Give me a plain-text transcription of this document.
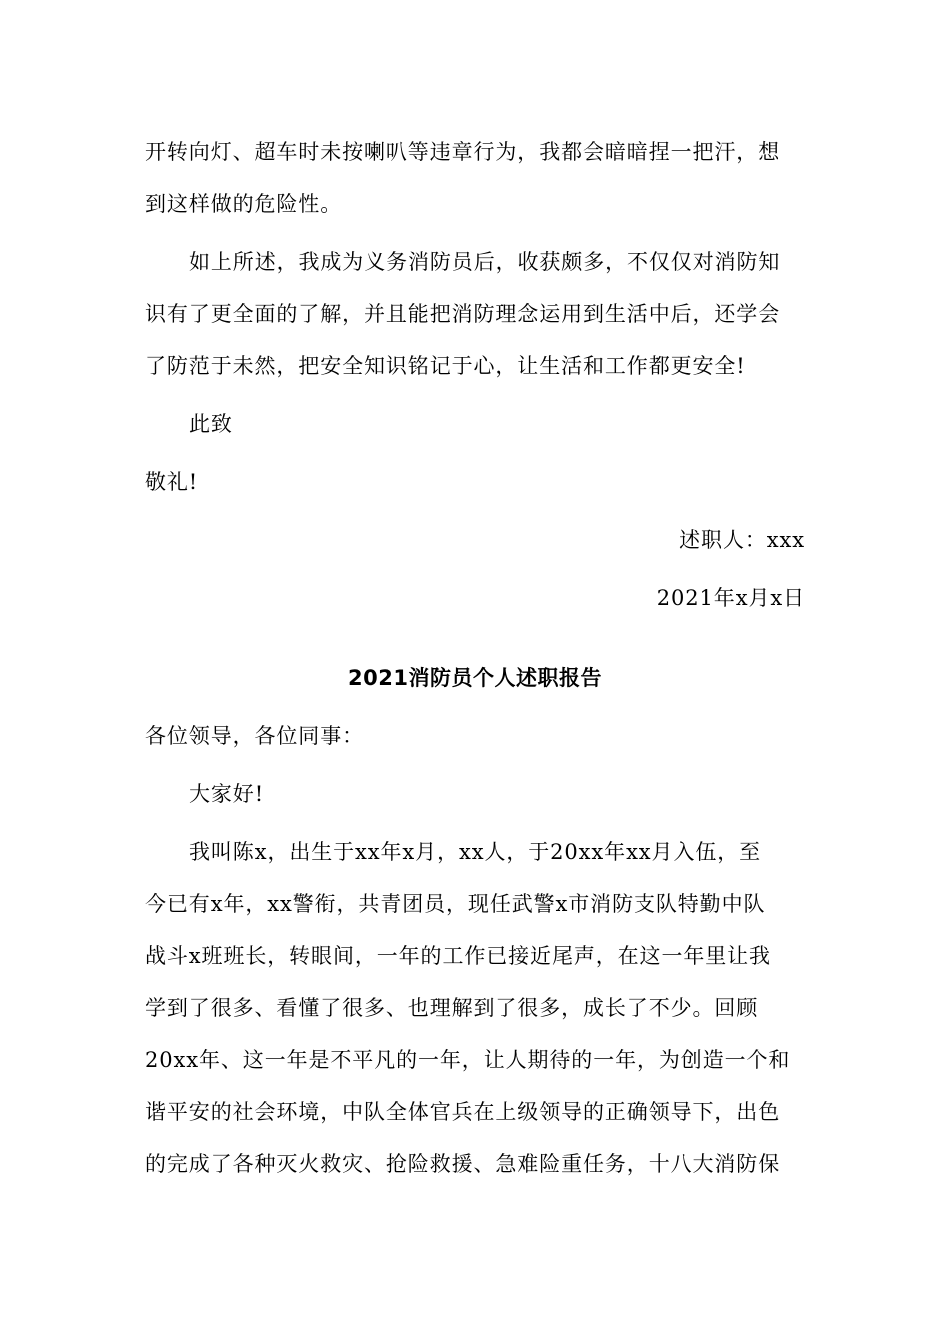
开转向灯、超车时未按喇叭等违章行为，我都会暗暗捏一把汗，想
到这样做的危险性。
如上所述，我成为义务消防员后，收获颇多，不仅仅对消防知
识有了更全面的了解，并且能把消防理念运用到生活中后，还学会
了防范于未然，把安全知识铭记于心，让生活和工作都更安全!
此致
敬礼!
述职人：xxx
2021年x月x日
2021消防员个人述职报告
各位领导，各位同事：
大家好!
我叫陈x，出生于xx年x月，xx人，于20xx年xx月入伍，至
今已有x年，xx警衔，共青团员，现任武警x市消防支队特勤中队
战斗x班班长，转眼间，一年的工作已接近尾声，在这一年里让我
学到了很多、看懂了很多、也理解到了很多，成长了不少。回顾
20xx年、这一年是不平凡的一年，让人期待的一年，为创造一个和
谐平安的社会环境，中队全体官兵在上级领导的正确领导下，出色
的完成了各种灭火救灾、抢险救援、急难险重任务，十八大消防保
